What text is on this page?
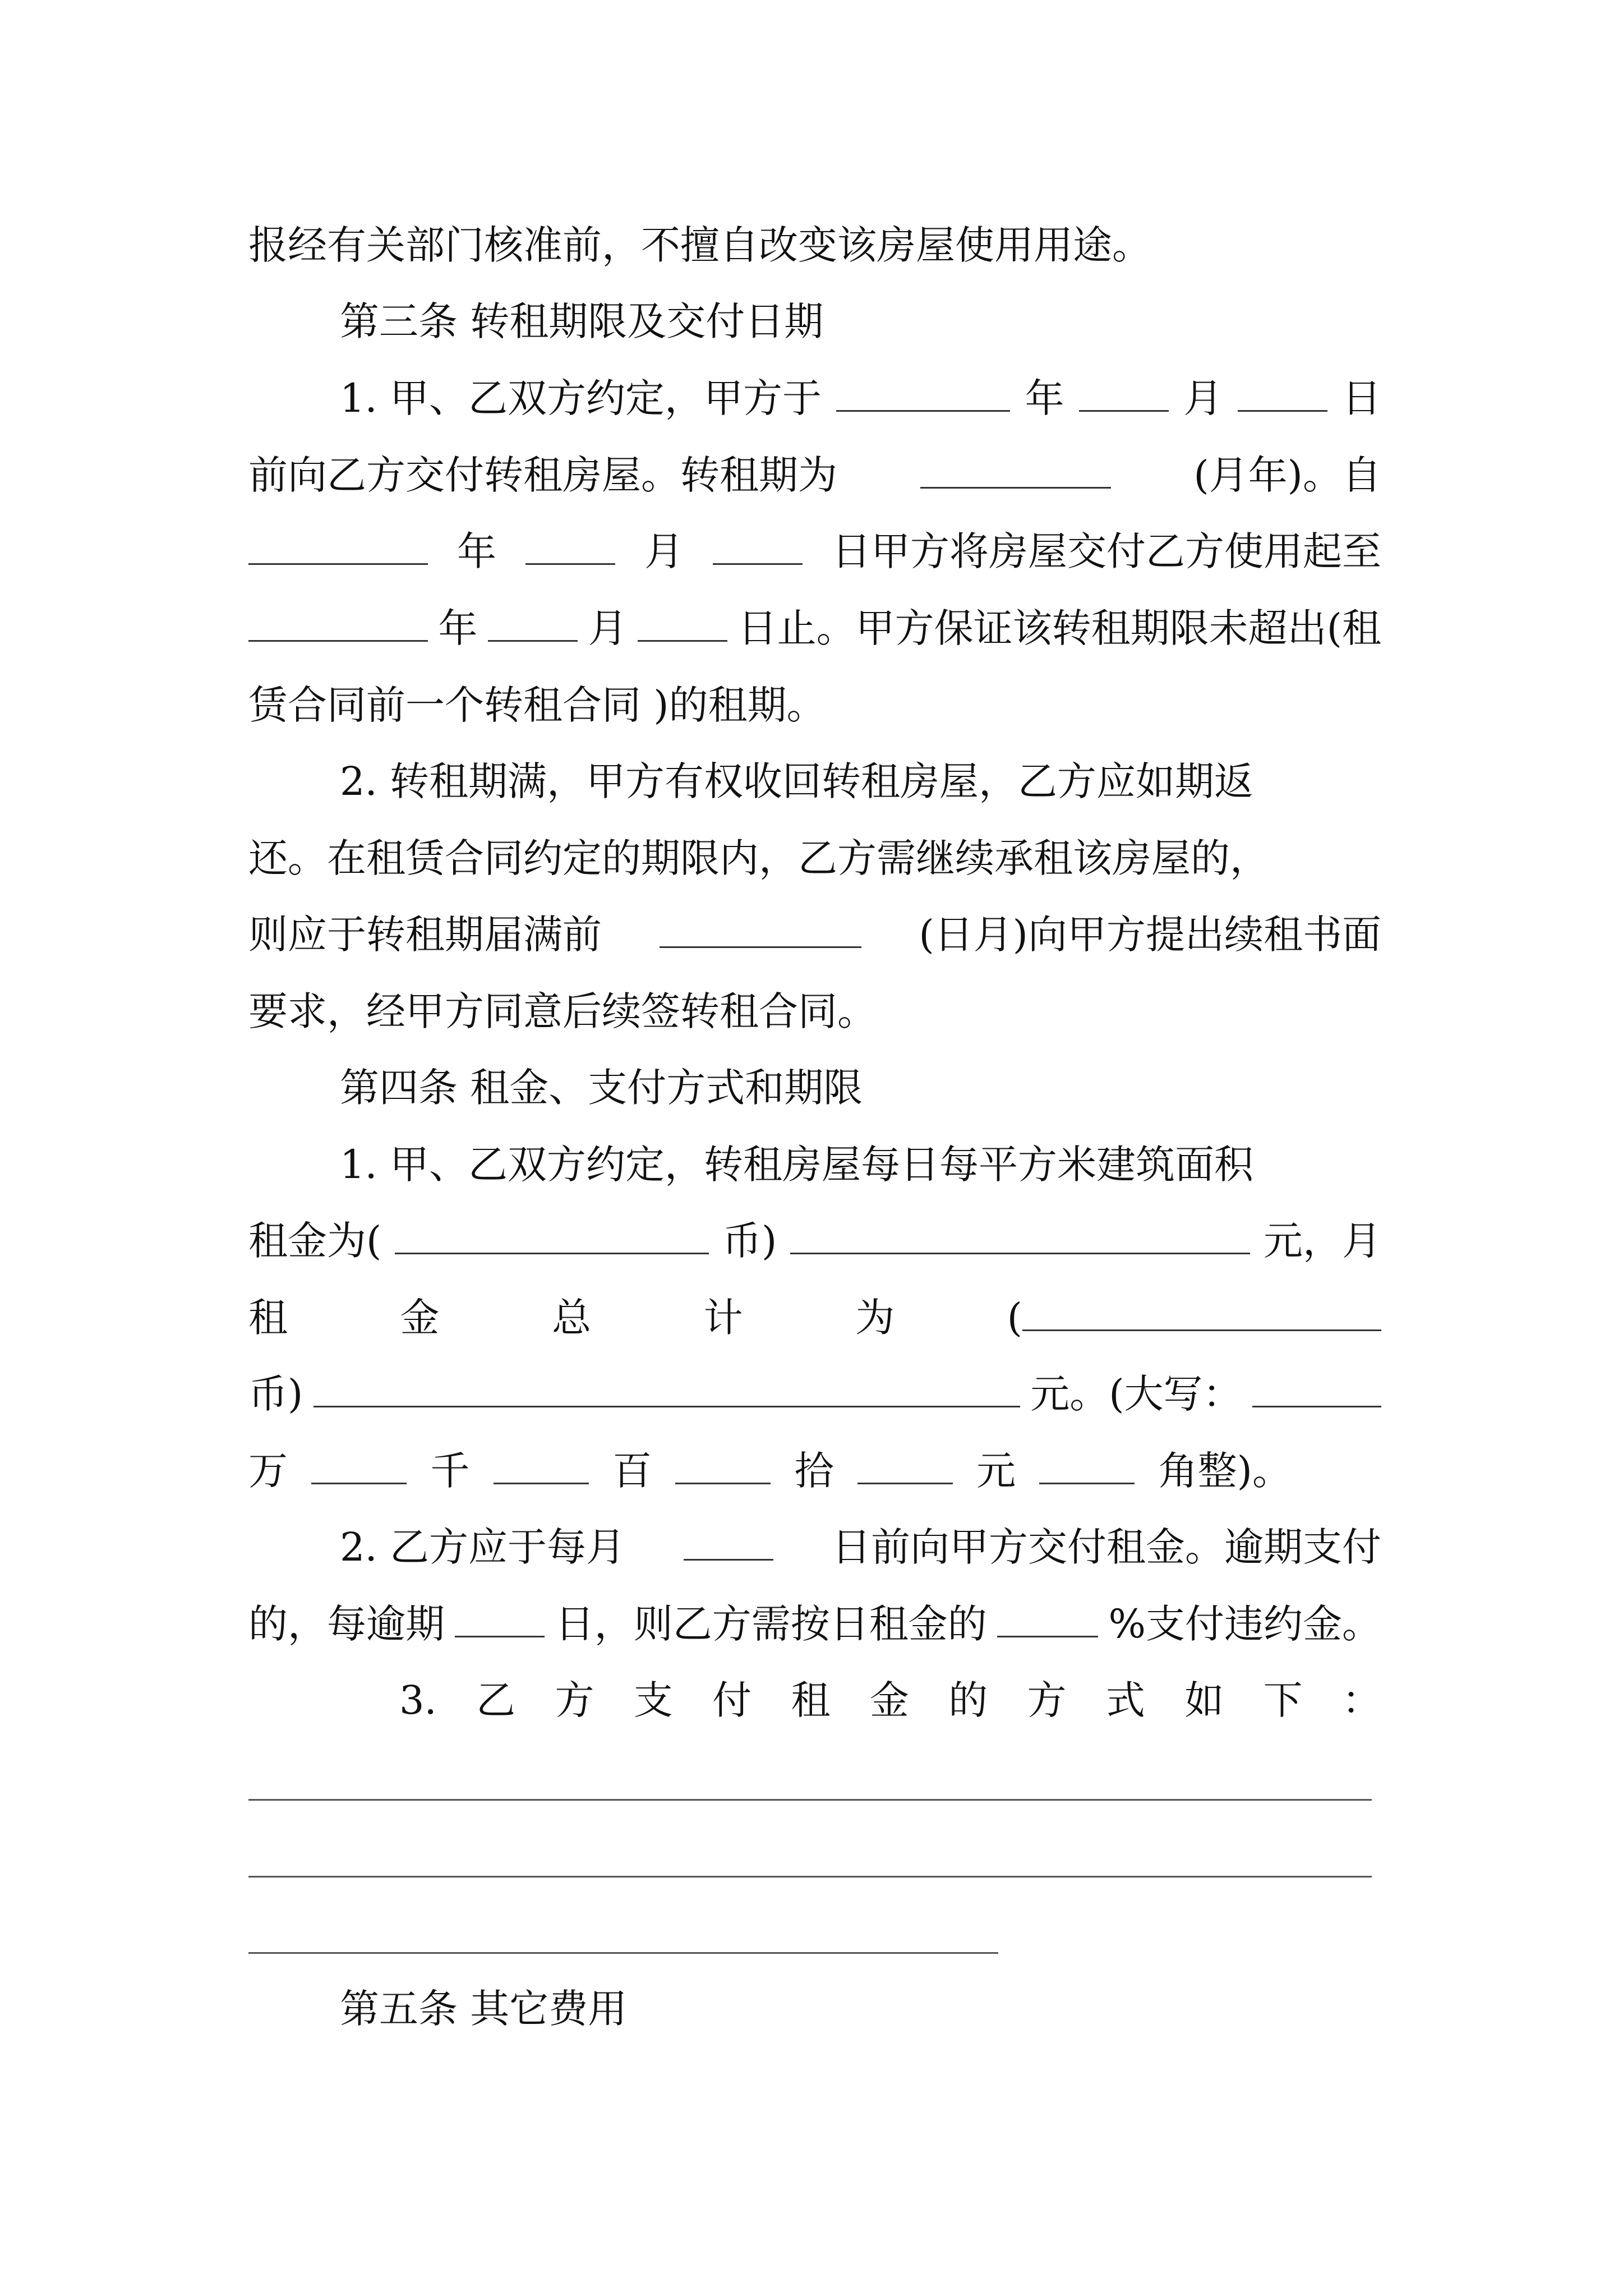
报经有关部门核准前，不擅自改变该房屋使用用途。
第三条 转租期限及交付日期
1. 甲、乙双方约定，甲方于	年	月	日
前向乙方交付转租房屋。转租期为	(月年)。自
年	月	日甲方将房屋交付乙方使用起至
年	月	日止。甲方保证该转租期限未超出(租
赁合同前一个转租合同 )的租期。
2. 转租期满，甲方有权收回转租房屋，乙方应如期返
还。在租赁合同约定的期限内，乙方需继续承租该房屋的，
则应于转租期届满前	(日月)向甲方提出续租书面
要求，经甲方同意后续签转租合同。
第四条 租金、支付方式和期限
1. 甲、乙双方约定，转租房屋每日每平方米建筑面积
租金为(	币)	元，月
租	金	总	计	为	(
币)	元。(大写：
万	千	百	拾	元	角整)。
2. 乙方应于每月	日前向甲方交付租金。逾期支付
的，每逾期	日，则乙方需按日租金的	%支付违约金。
3. 乙 方 支 付 租 金 的 方 式 如 下 ：
第五条 其它费用
